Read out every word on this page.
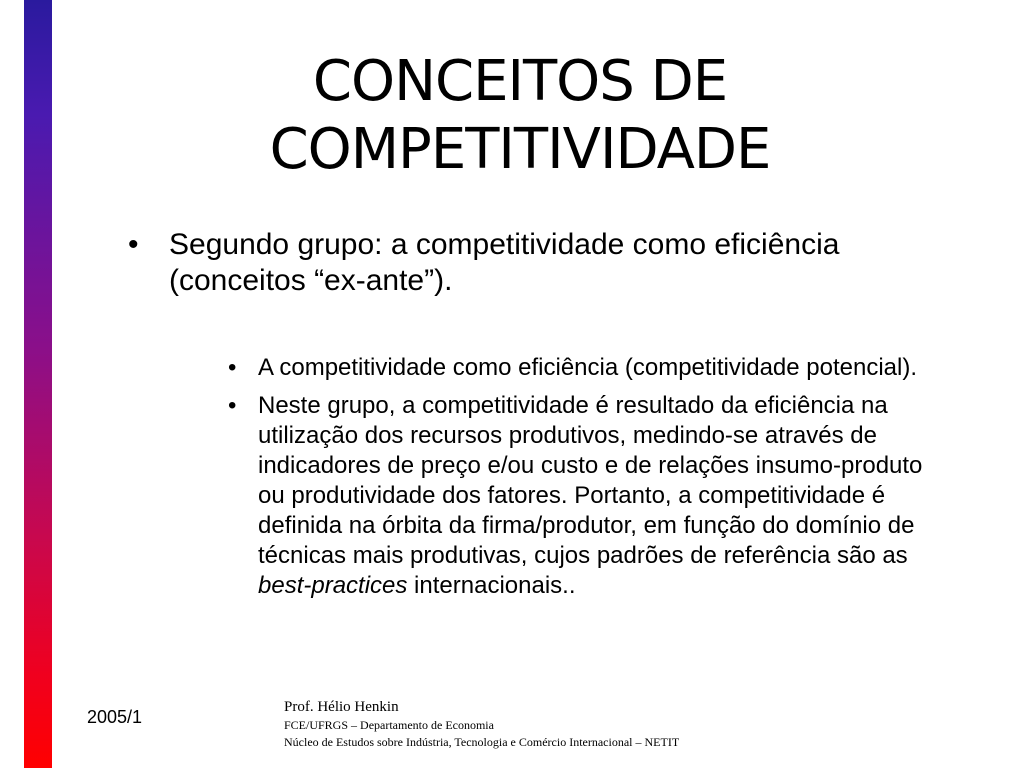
CONCEITOS DE
COMPETITIVIDADE
•	Segundo grupo: a competitividade como eficiência (conceitos “ex-ante”).
• A competitividade como eficiência (competitividade potencial).
• Neste grupo, a competitividade é resultado da eficiência na utilização dos recursos produtivos, medindo-se através de indicadores de preço e/ou custo e de relações insumo-produto ou produtividade dos fatores. Portanto, a competitividade é definida na órbita da firma/produtor, em função do domínio de técnicas mais produtivas, cujos padrões de referência são as best-practices internacionais..
2005/1	Prof. Hélio Henkin
FCE/UFRGS – Departamento de Economia
Núcleo de Estudos sobre Indústria, Tecnologia e Comércio Internacional – NETIT
